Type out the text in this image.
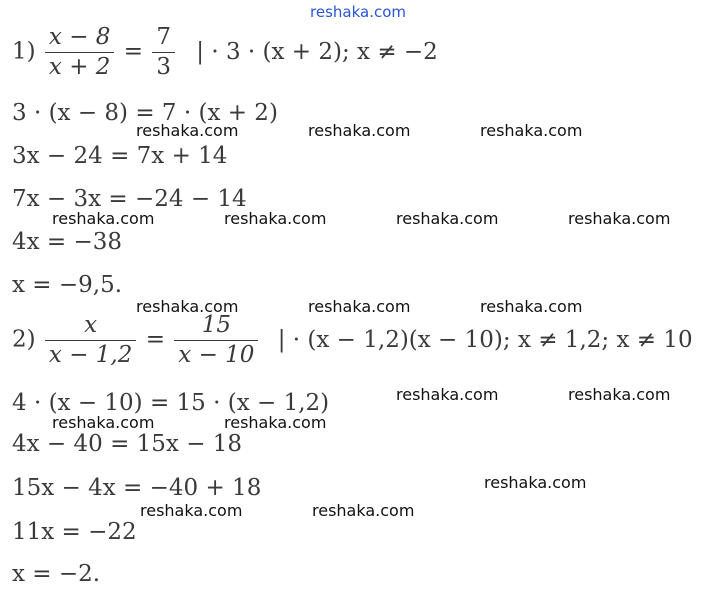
reshaka.com
$1) \frac{x - 8}{x + 2} = \frac{7}{3}$ | · 3 · (x + 2); x ≠ −2
3 · (x − 8) = 7 · (x + 2)
3x − 24 = 7x + 14
7x − 3x = −24 − 14
4x = −38
x = −9,5.
$2) \frac{x}{x - 1,2} = \frac{15}{x - 10}$ | · (x − 1,2)(x − 10); x ≠ 1,2; x ≠ 10
4 · (x − 10) = 15 · (x − 1,2)
4x − 40 = 15x − 18
15x − 4x = −40 + 18
11x = −22
x = −2.
reshaka.com	reshaka.com	reshaka.com
reshaka.com	reshaka.com	reshaka.com	reshaka.com
reshaka.com	reshaka.com	reshaka.com
reshaka.com	reshaka.com
reshaka.com	reshaka.com
reshaka.com
reshaka.com	reshaka.com
